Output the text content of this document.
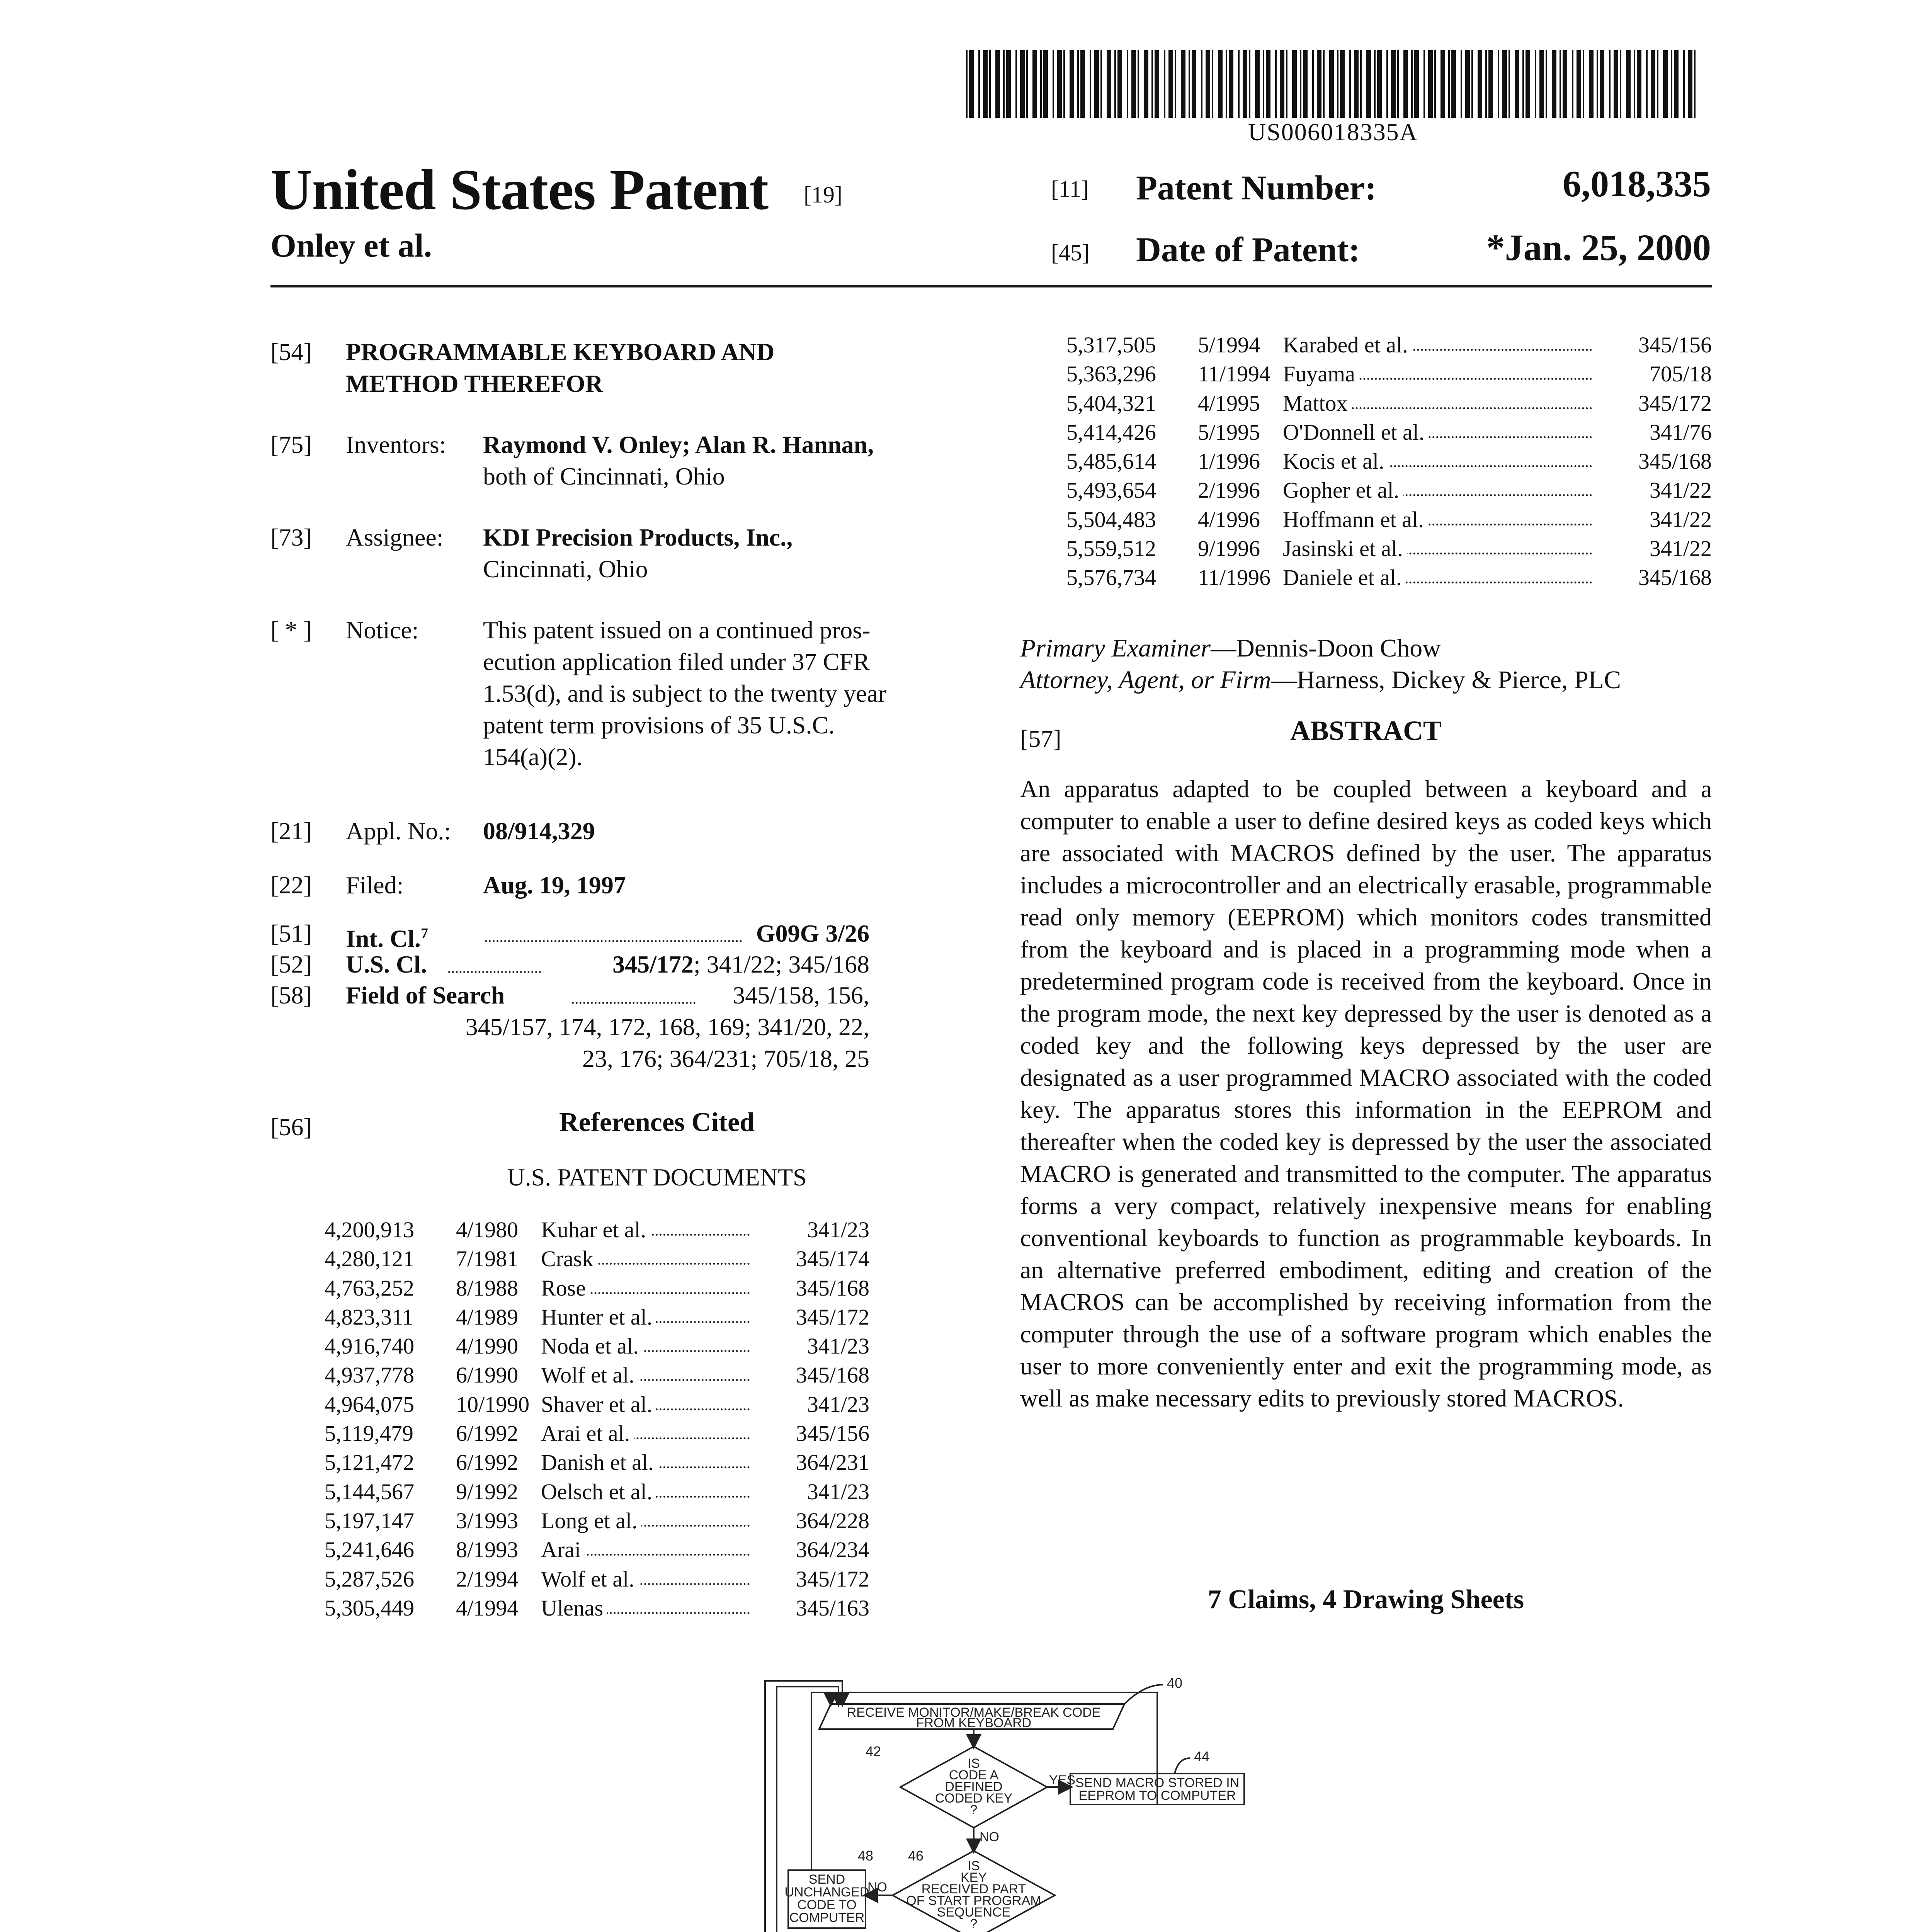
US006018335A
United States Patent [19]
Onley et al.
[11] Patent Number:	6,018,335
[45] Date of Patent:	*Jan. 25, 2000
[54]	PROGRAMMABLE KEYBOARD AND
METHOD THEREFOR
[75]	Inventors: Raymond V. Onley; Alan R. Hannan,
both of Cincinnati, Ohio
[73]	Assignee: KDI Precision Products, Inc.,
Cincinnati, Ohio
[ * ]	Notice:	This patent issued on a continued pros-
ecution application filed under 37 CFR
1.53(d), and is subject to the twenty year
patent term provisions of 35 U.S.C.
154(a)(2).
[21]	Appl. No.: 08/914,329
[22]	Filed:	Aug. 19, 1997
[51]	Int. Cl.$^7$	G09G 3/26
[52]	U.S. Cl.	345/172; 341/22; 345/168
[58]	Field of Search	345/158, 156,
345/157, 174, 172, 168, 169; 341/20, 22,
23, 176; 364/231; 705/18, 25
[56]	References Cited
U.S. PATENT DOCUMENTS
4,200,913 4/1980 Kuhar et al.	341/23
4,280,121 7/1981 Crask	345/174
4,763,252 8/1988 Rose	345/168
4,823,311 4/1989 Hunter et al.	345/172
4,916,740 4/1990 Noda et al.	341/23
4,937,778 6/1990 Wolf et al.	345/168
4,964,075 10/1990 Shaver et al.	341/23
5,119,479 6/1992 Arai et al.	345/156
5,121,472 6/1992 Danish et al.	364/231
5,144,567 9/1992 Oelsch et al.	341/23
5,197,147 3/1993 Long et al.	364/228
5,241,646 8/1993 Arai	364/234
5,287,526 2/1994 Wolf et al.	345/172
5,305,449 4/1994 Ulenas	345/163
5,317,505 5/1994 Karabed et al.	345/156
5,363,296 11/1994 Fuyama	705/18
5,404,321 4/1995 Mattox	345/172
5,414,426 5/1995 O'Donnell et al.	341/76
5,485,614 1/1996 Kocis et al.	345/168
5,493,654 2/1996 Gopher et al.	341/22
5,504,483 4/1996 Hoffmann et al.	341/22
5,559,512 9/1996 Jasinski et al.	341/22
5,576,734 11/1996 Daniele et al.	345/168
Primary Examiner—Dennis-Doon Chow
Attorney, Agent, or Firm—Harness, Dickey & Pierce, PLC
[57]	ABSTRACT
An apparatus adapted to be coupled between a keyboard and a computer to enable a user to define desired keys as coded keys which are associated with MACROS defined by the user. The apparatus includes a microcontroller and an electrically erasable, programmable read only memory (EEPROM) which monitors codes transmitted from the keyboard and is placed in a programming mode when a predetermined program code is received from the keyboard. Once in the program mode, the next key depressed by the user is denoted as a coded key and the following keys depressed by the user are designated as a user programmed MACRO associated with the coded key. The apparatus stores this information in the EEPROM and thereafter when the coded key is depressed by the user the associated MACRO is generated and transmitted to the computer. The apparatus forms a very compact, relatively inexpensive means for enabling conventional keyboards to function as programmable keyboards. In an alternative preferred embodiment, editing and creation of the MACROS can be accomplished by receiving information from the computer through the use of a software program which enables the user to more conveniently enter and exit the programming mode, as well as make necessary edits to previously stored MACROS.
7 Claims, 4 Drawing Sheets
40
RECEIVE MONITOR/MAKE/BREAK CODE
FROM KEYBOARD
42
IS
CODE A
DEFINED
CODED KEY
?
YES
44
SEND MACRO STORED IN
EEPROM TO COMPUTER
NO
48 46
SEND
UNCHANGED
CODE TO
COMPUTER
NO
IS
KEY
RECEIVED PART
OF START PROGRAM
SEQUENCE
?
